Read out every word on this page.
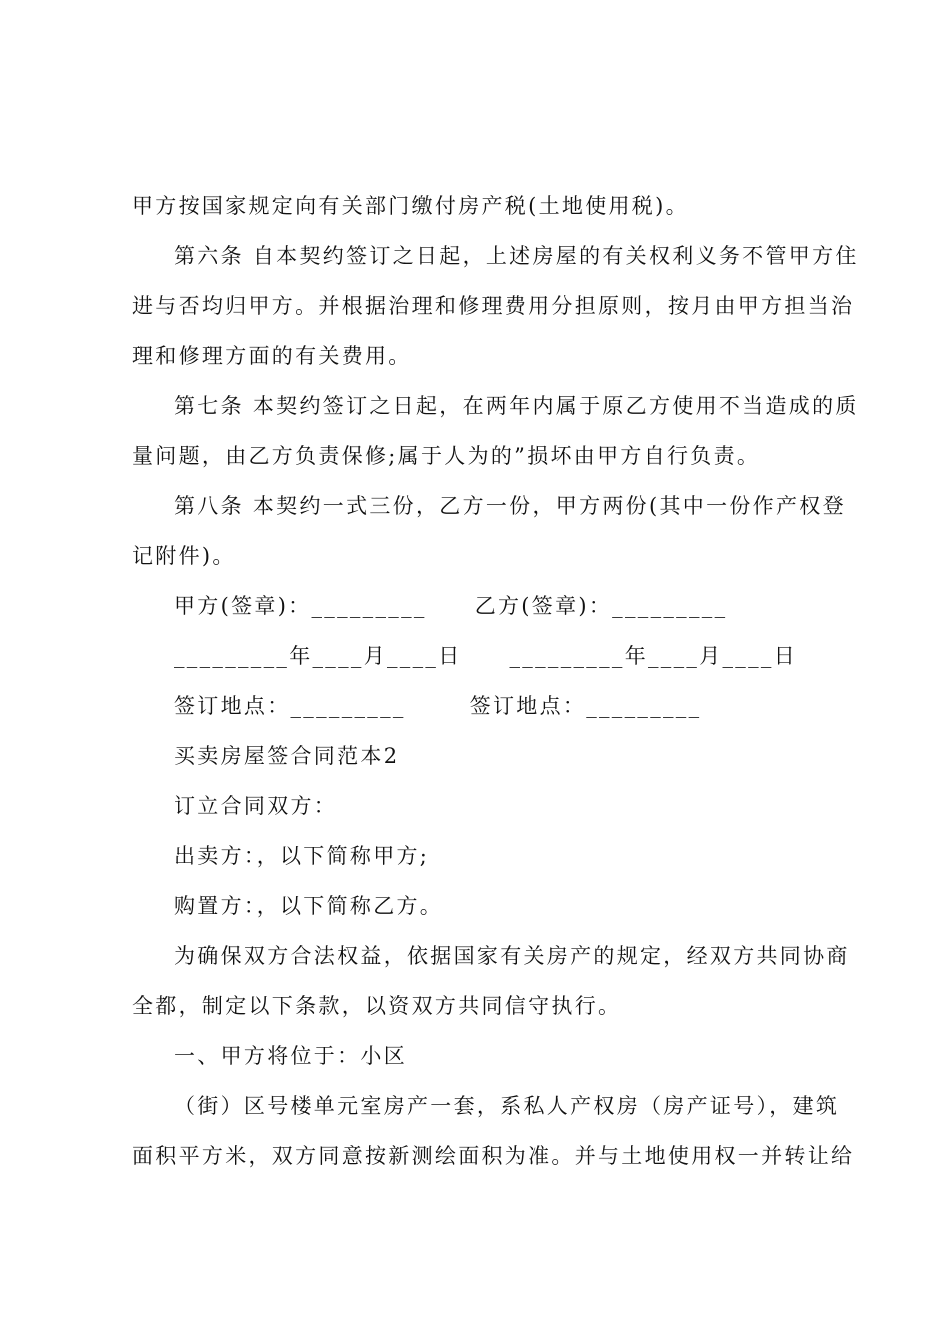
甲方按国家规定向有关部门缴付房产税(土地使用税)。
第六条 自本契约签订之日起，上述房屋的有关权利义务不管甲方住
进与否均归甲方。并根据治理和修理费用分担原则，按月由甲方担当治
理和修理方面的有关费用。
第七条 本契约签订之日起，在两年内属于原乙方使用不当造成的质
量问题，由乙方负责保修;属于人为的”损坏由甲方自行负责。
第八条 本契约一式三份，乙方一份，甲方两份(其中一份作产权登
记附件)。
甲方(签章)：_________ 乙方(签章)：_________
_________年____月____日 _________年____月____日
签订地点：_________	签订地点：_________
买卖房屋签合同范本2
订立合同双方：
出卖方：，以下简称甲方;
购置方：，以下简称乙方。
为确保双方合法权益，依据国家有关房产的规定，经双方共同协商
全都，制定以下条款，以资双方共同信守执行。
一、甲方将位于：小区
（街）区号楼单元室房产一套，系私人产权房（房产证号），建筑
面积平方米，双方同意按新测绘面积为准。并与土地使用权一并转让给
